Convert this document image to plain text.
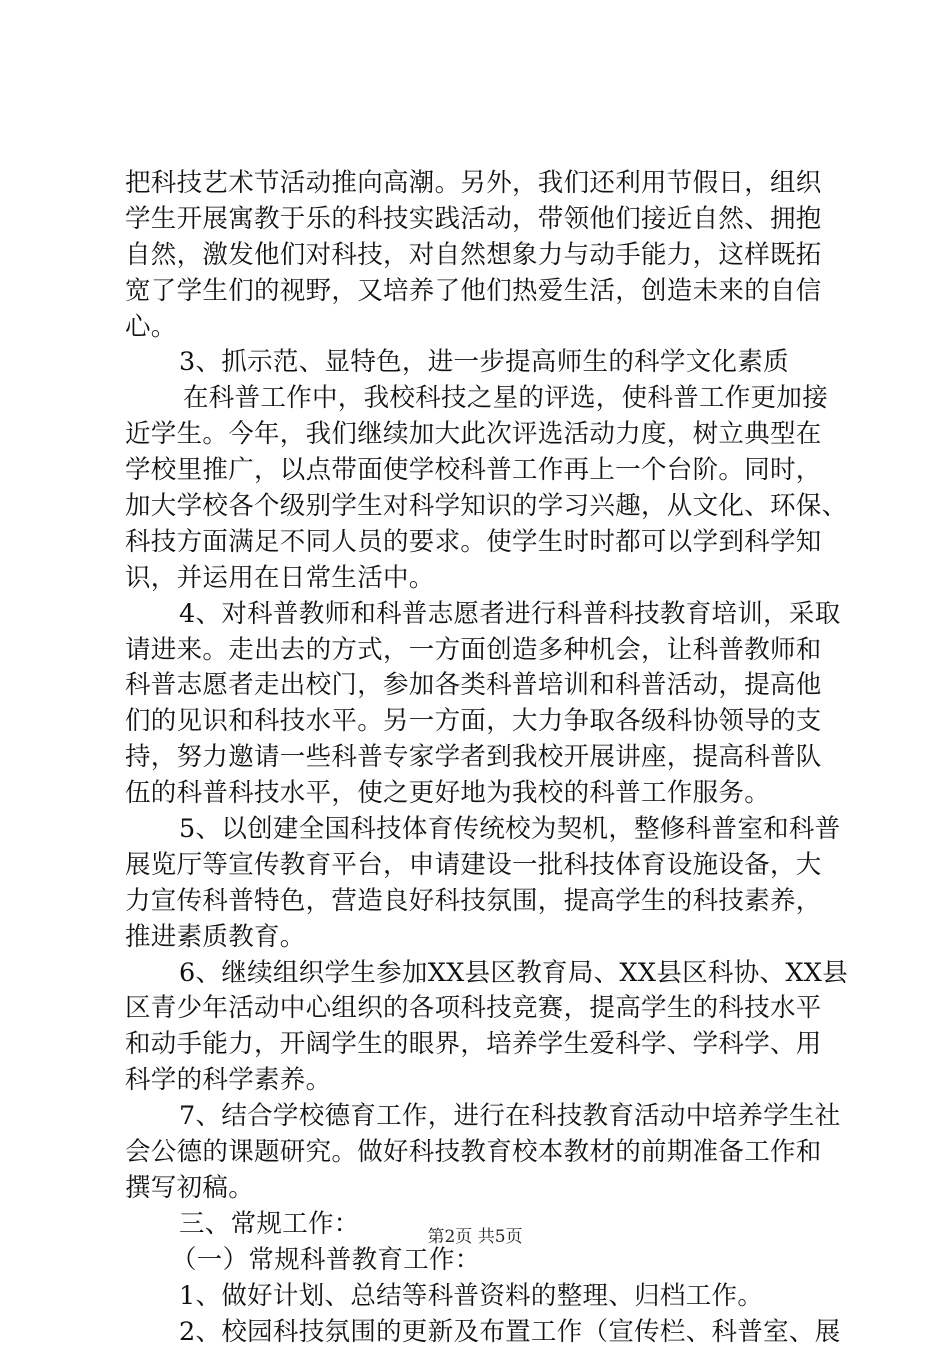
把科技艺术节活动推向高潮。另外，我们还利用节假日，组织
学生开展寓教于乐的科技实践活动，带领他们接近自然、拥抱
自然，激发他们对科技，对自然想象力与动手能力，这样既拓
宽了学生们的视野，又培养了他们热爱生活，创造未来的自信
心。
3、抓示范、显特色，进一步提高师生的科学文化素质
在科普工作中，我校科技之星的评选，使科普工作更加接
近学生。今年，我们继续加大此次评选活动力度，树立典型在
学校里推广，以点带面使学校科普工作再上一个台阶。同时，
加大学校各个级别学生对科学知识的学习兴趣，从文化、环保、
科技方面满足不同人员的要求。使学生时时都可以学到科学知
识，并运用在日常生活中。
4、对科普教师和科普志愿者进行科普科技教育培训，采取
请进来。走出去的方式，一方面创造多种机会，让科普教师和
科普志愿者走出校门，参加各类科普培训和科普活动，提高他
们的见识和科技水平。另一方面，大力争取各级科协领导的支
持，努力邀请一些科普专家学者到我校开展讲座，提高科普队
伍的科普科技水平，使之更好地为我校的科普工作服务。
5、以创建全国科技体育传统校为契机，整修科普室和科普
展览厅等宣传教育平台，申请建设一批科技体育设施设备，大
力宣传科普特色，营造良好科技氛围，提高学生的科技素养，
推进素质教育。
6、继续组织学生参加XX县区教育局、XX县区科协、XX县
区青少年活动中心组织的各项科技竞赛，提高学生的科技水平
和动手能力，开阔学生的眼界，培养学生爱科学、学科学、用
科学的科学素养。
7、结合学校德育工作，进行在科技教育活动中培养学生社
会公德的课题研究。做好科技教育校本教材的前期准备工作和
撰写初稿。
三、常规工作：
（一）常规科普教育工作：
1、做好计划、总结等科普资料的整理、归档工作。
2、校园科技氛围的更新及布置工作（宣传栏、科普室、展
第2页 共5页
